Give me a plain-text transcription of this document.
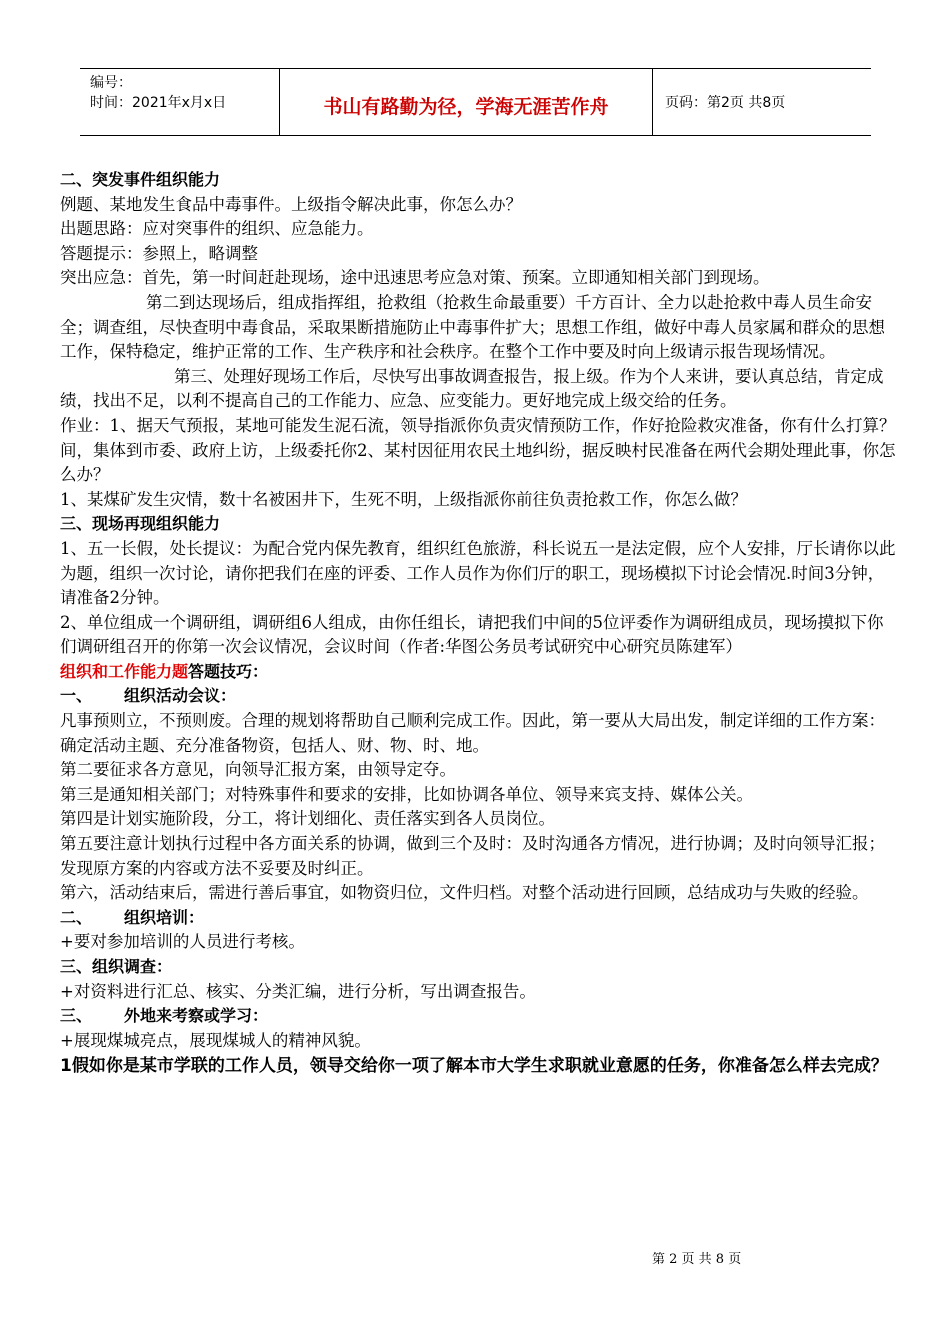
编号：
时间：2021年x月x日	书山有路勤为径，学海无涯苦作舟	页码：第2页 共8页

二、突发事件组织能力

例题、某地发生食品中毒事件。上级指令解决此事，你怎么办？

出题思路：应对突事件的组织、应急能力。

答题提示：参照上，略调整

突出应急：首先，第一时间赶赴现场，途中迅速思考应急对策、预案。立即通知相关部门到现场。

第二到达现场后，组成指挥组，抢救组（抢救生命最重要）千方百计、全力以赴抢救中毒人员生命安全；调查组，尽快查明中毒食品，采取果断措施防止中毒事件扩大；思想工作组，做好中毒人员家属和群众的思想工作，保特稳定，维护正常的工作、生产秩序和社会秩序。在整个工作中要及时向上级请示报告现场情况。

第三、处理好现场工作后，尽快写出事故调查报告，报上级。作为个人来讲，要认真总结，肯定成绩，找出不足，以利不提高自己的工作能力、应急、应变能力。更好地完成上级交给的任务。

作业：1、据天气预报，某地可能发生泥石流，领导指派你负责灾情预防工作，作好抢险救灾准备，你有什么打算？

间，集体到市委、政府上访，上级委托你2、某村因征用农民土地纠纷，据反映村民准备在两代会期处理此事，你怎么办？

1、某煤矿发生灾情，数十名被困井下，生死不明，上级指派你前往负责抢救工作，你怎么做？

三、现场再现组织能力

1、五一长假，处长提议：为配合党内保先教育，组织红色旅游，科长说五一是法定假，应个人安排，厅长请你以此为题，组织一次讨论，请你把我们在座的评委、工作人员作为你们厅的职工，现场模拟下讨论会情况.时间3分钟，请准备2分钟。

2、单位组成一个调研组，调研组6人组成，由你任组长，请把我们中间的5位评委作为调研组成员，现场摸拟下你们调研组召开的你第一次会议情况，会议时间（作者:华图公务员考试研究中心研究员陈建军）

组织和工作能力题答题技巧：

一、 组织活动会议：

凡事预则立，不预则废。合理的规划将帮助自己顺利完成工作。因此，第一要从大局出发，制定详细的工作方案：确定活动主题、充分准备物资，包括人、财、物、时、地。

第二要征求各方意见，向领导汇报方案，由领导定夺。

第三是通知相关部门；对特殊事件和要求的安排，比如协调各单位、领导来宾支持、媒体公关。

第四是计划实施阶段，分工，将计划细化、责任落实到各人员岗位。

第五要注意计划执行过程中各方面关系的协调，做到三个及时：及时沟通各方情况，进行协调；及时向领导汇报；发现原方案的内容或方法不妥要及时纠正。

第六，活动结束后，需进行善后事宜，如物资归位，文件归档。对整个活动进行回顾，总结成功与失败的经验。

二、 组织培训：

+要对参加培训的人员进行考核。

三、组织调查：

+对资料进行汇总、核实、分类汇编，进行分析，写出调查报告。

三、 外地来考察或学习：

+展现煤城亮点，展现煤城人的精神风貌。

1假如你是某市学联的工作人员，领导交给你一项了解本市大学生求职就业意愿的任务，你准备怎么样去完成？

第 2 页 共 8 页
